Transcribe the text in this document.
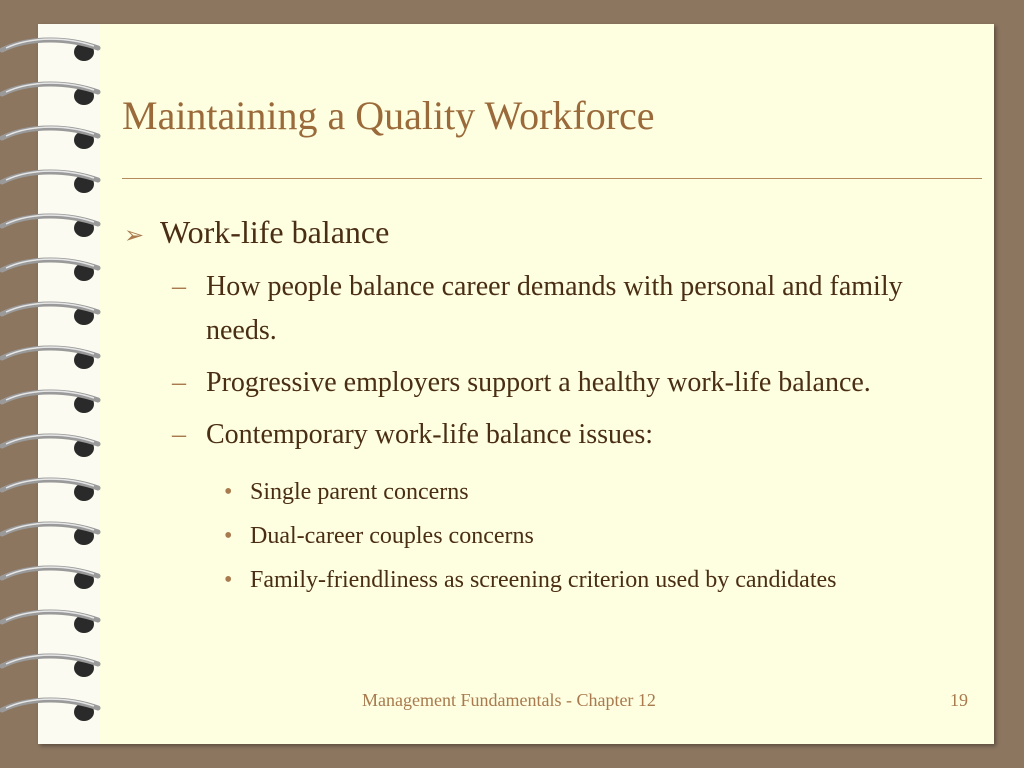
Maintaining a Quality Workforce
➢ Work-life balance
– How people balance career demands with personal and family needs.
– Progressive employers support a healthy work-life balance.
– Contemporary work-life balance issues:
• Single parent concerns
• Dual-career couples concerns
• Family-friendliness as screening criterion used by candidates
Management Fundamentals - Chapter 12	19
